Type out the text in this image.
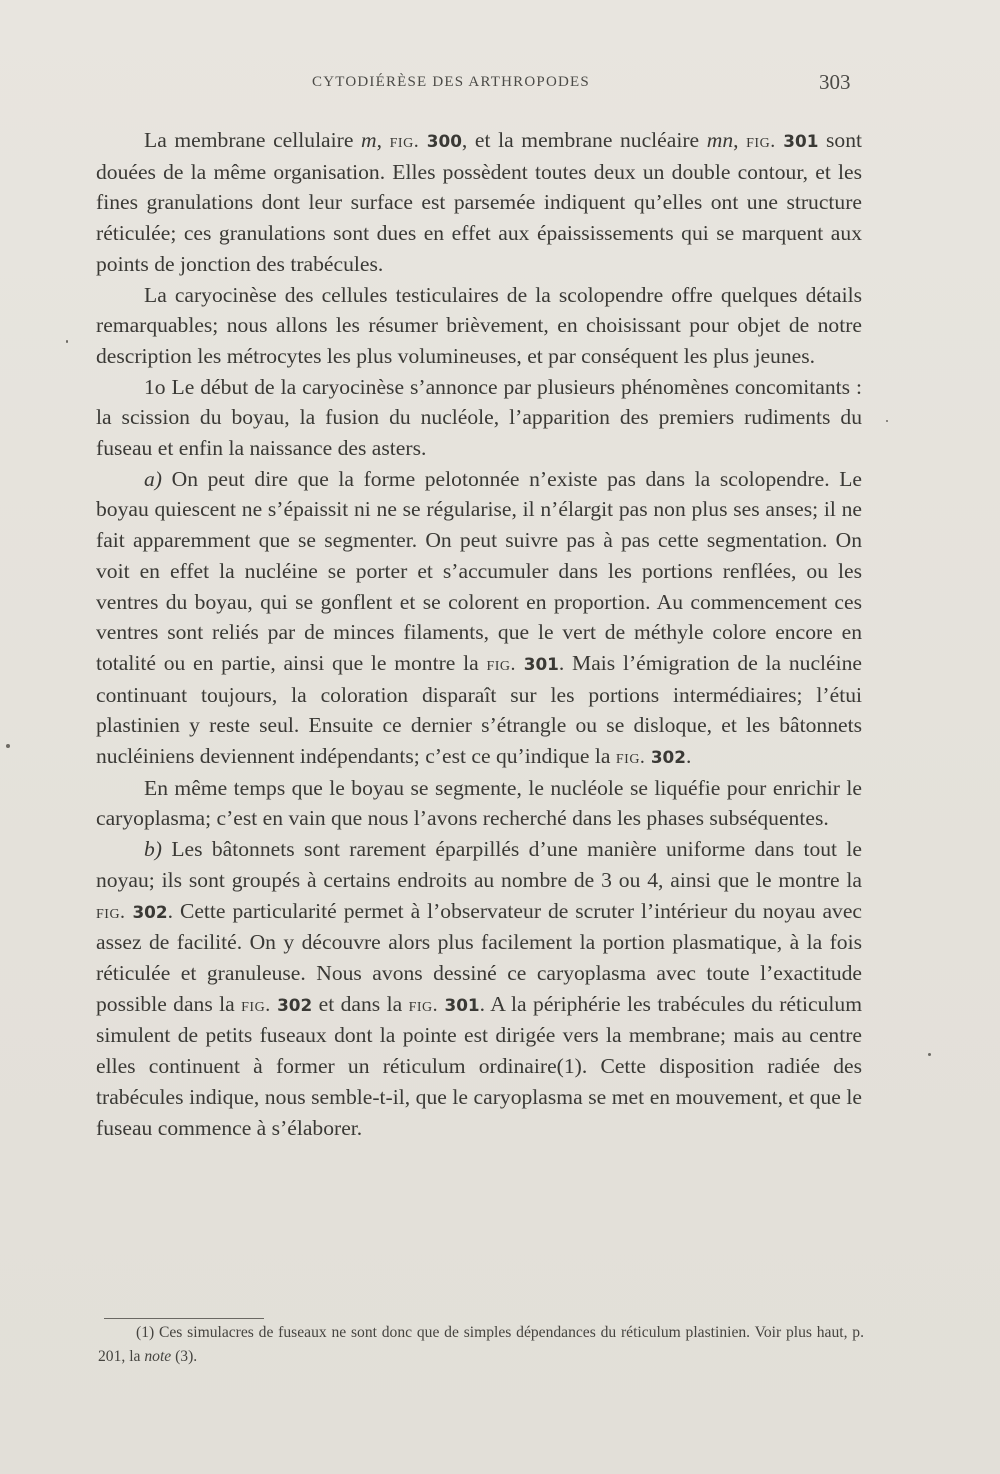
CYTODIÉRÈSE DES ARTHROPODES	303

La membrane cellulaire m, fig. 300, et la membrane nucléaire mn, fig. 301 sont douées de la même organisation. Elles possèdent toutes deux un double contour, et les fines granulations dont leur surface est parsemée indiquent qu’elles ont une structure réticulée; ces granulations sont dues en effet aux épaississements qui se marquent aux points de jonction des trabécules.

La caryocinèse des cellules testiculaires de la scolopendre offre quelques détails remarquables; nous allons les résumer brièvement, en choisissant pour objet de notre description les métrocytes les plus volumineuses, et par conséquent les plus jeunes.

1o Le début de la caryocinèse s’annonce par plusieurs phénomènes concomitants : la scission du boyau, la fusion du nucléole, l’apparition des premiers rudiments du fuseau et enfin la naissance des asters.

a) On peut dire que la forme pelotonnée n’existe pas dans la scolopendre. Le boyau quiescent ne s’épaissit ni ne se régularise, il n’élargit pas non plus ses anses; il ne fait apparemment que se segmenter. On peut suivre pas à pas cette segmentation. On voit en effet la nucléine se porter et s’accumuler dans les portions renflées, ou les ventres du boyau, qui se gonflent et se colorent en proportion. Au commencement ces ventres sont reliés par de minces filaments, que le vert de méthyle colore encore en totalité ou en partie, ainsi que le montre la fig. 301. Mais l’émigration de la nucléine continuant toujours, la coloration disparaît sur les portions intermédiaires; l’étui plastinien y reste seul. Ensuite ce dernier s’étrangle ou se disloque, et les bâtonnets nucléiniens deviennent indépendants; c’est ce qu’indique la fig. 302.

En même temps que le boyau se segmente, le nucléole se liquéfie pour enrichir le caryoplasma; c’est en vain que nous l’avons recherché dans les phases subséquentes.

b) Les bâtonnets sont rarement éparpillés d’une manière uniforme dans tout le noyau; ils sont groupés à certains endroits au nombre de 3 ou 4, ainsi que le montre la fig. 302. Cette particularité permet à l’observateur de scruter l’intérieur du noyau avec assez de facilité. On y découvre alors plus facilement la portion plasmatique, à la fois réticulée et granuleuse. Nous avons dessiné ce caryoplasma avec toute l’exactitude possible dans la fig. 302 et dans la fig. 301. A la périphérie les trabécules du réticulum simulent de petits fuseaux dont la pointe est dirigée vers la membrane; mais au centre elles continuent à former un réticulum ordinaire(1). Cette disposition radiée des trabécules indique, nous semble-t-il, que le caryoplasma se met en mouvement, et que le fuseau commence à s’élaborer.

(1) Ces simulacres de fuseaux ne sont donc que de simples dépendances du réticulum plastinien. Voir plus haut, p. 201, la note (3).
